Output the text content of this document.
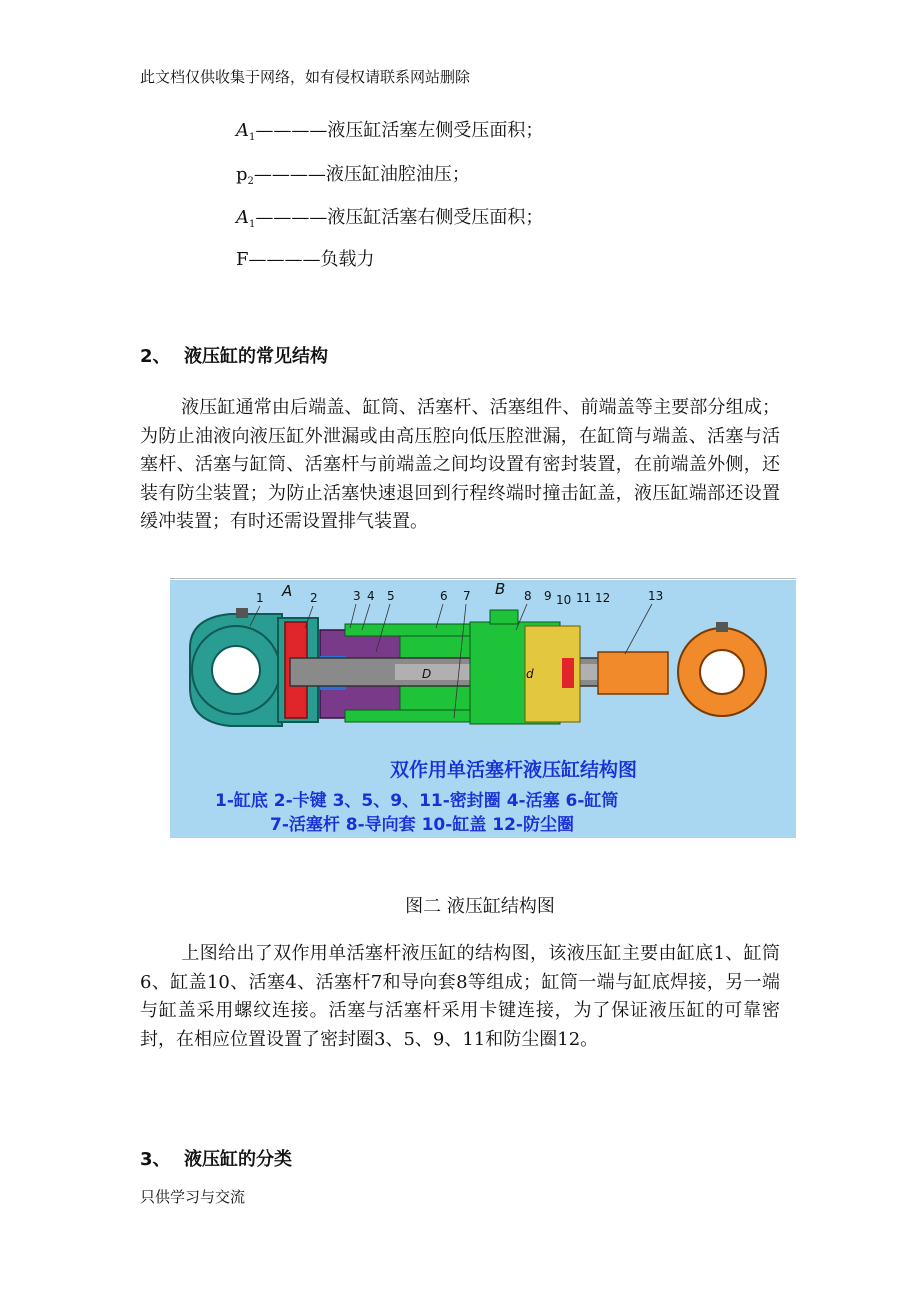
此文档仅供收集于网络，如有侵权请联系网站删除
$A_1————$液压缸活塞左侧受压面积；
$p_2————$液压缸油腔油压；
$A_1————$液压缸活塞右侧受压面积；
F————负载力
2、 液压缸的常见结构
液压缸通常由后端盖、缸筒、活塞杆、活塞组件、前端盖等主要部分组成；为防止油液向液压缸外泄漏或由高压腔向低压腔泄漏，在缸筒与端盖、活塞与活塞杆、活塞与缸筒、活塞杆与前端盖之间均设置有密封装置，在前端盖外侧，还装有防尘装置；为防止活塞快速退回到行程终端时撞击缸盖，液压缸端部还设置缓冲装置；有时还需设置排气装置。
1 A 2	3 4 5	6 7 B 8 9 10 11 12	13
D	d
双作用单活塞杆液压缸结构图
1-缸底 2-卡键 3、5、9、11-密封圈 4-活塞 6-缸筒
7-活塞杆 8-导向套 10-缸盖 12-防尘圈
图二 液压缸结构图
上图给出了双作用单活塞杆液压缸的结构图，该液压缸主要由缸底1、缸筒6、缸盖10、活塞4、活塞杆7和导向套8等组成；缸筒一端与缸底焊接，另一端与缸盖采用螺纹连接。活塞与活塞杆采用卡键连接，为了保证液压缸的可靠密封，在相应位置设置了密封圈3、5、9、11和防尘圈12。
3、 液压缸的分类
只供学习与交流
